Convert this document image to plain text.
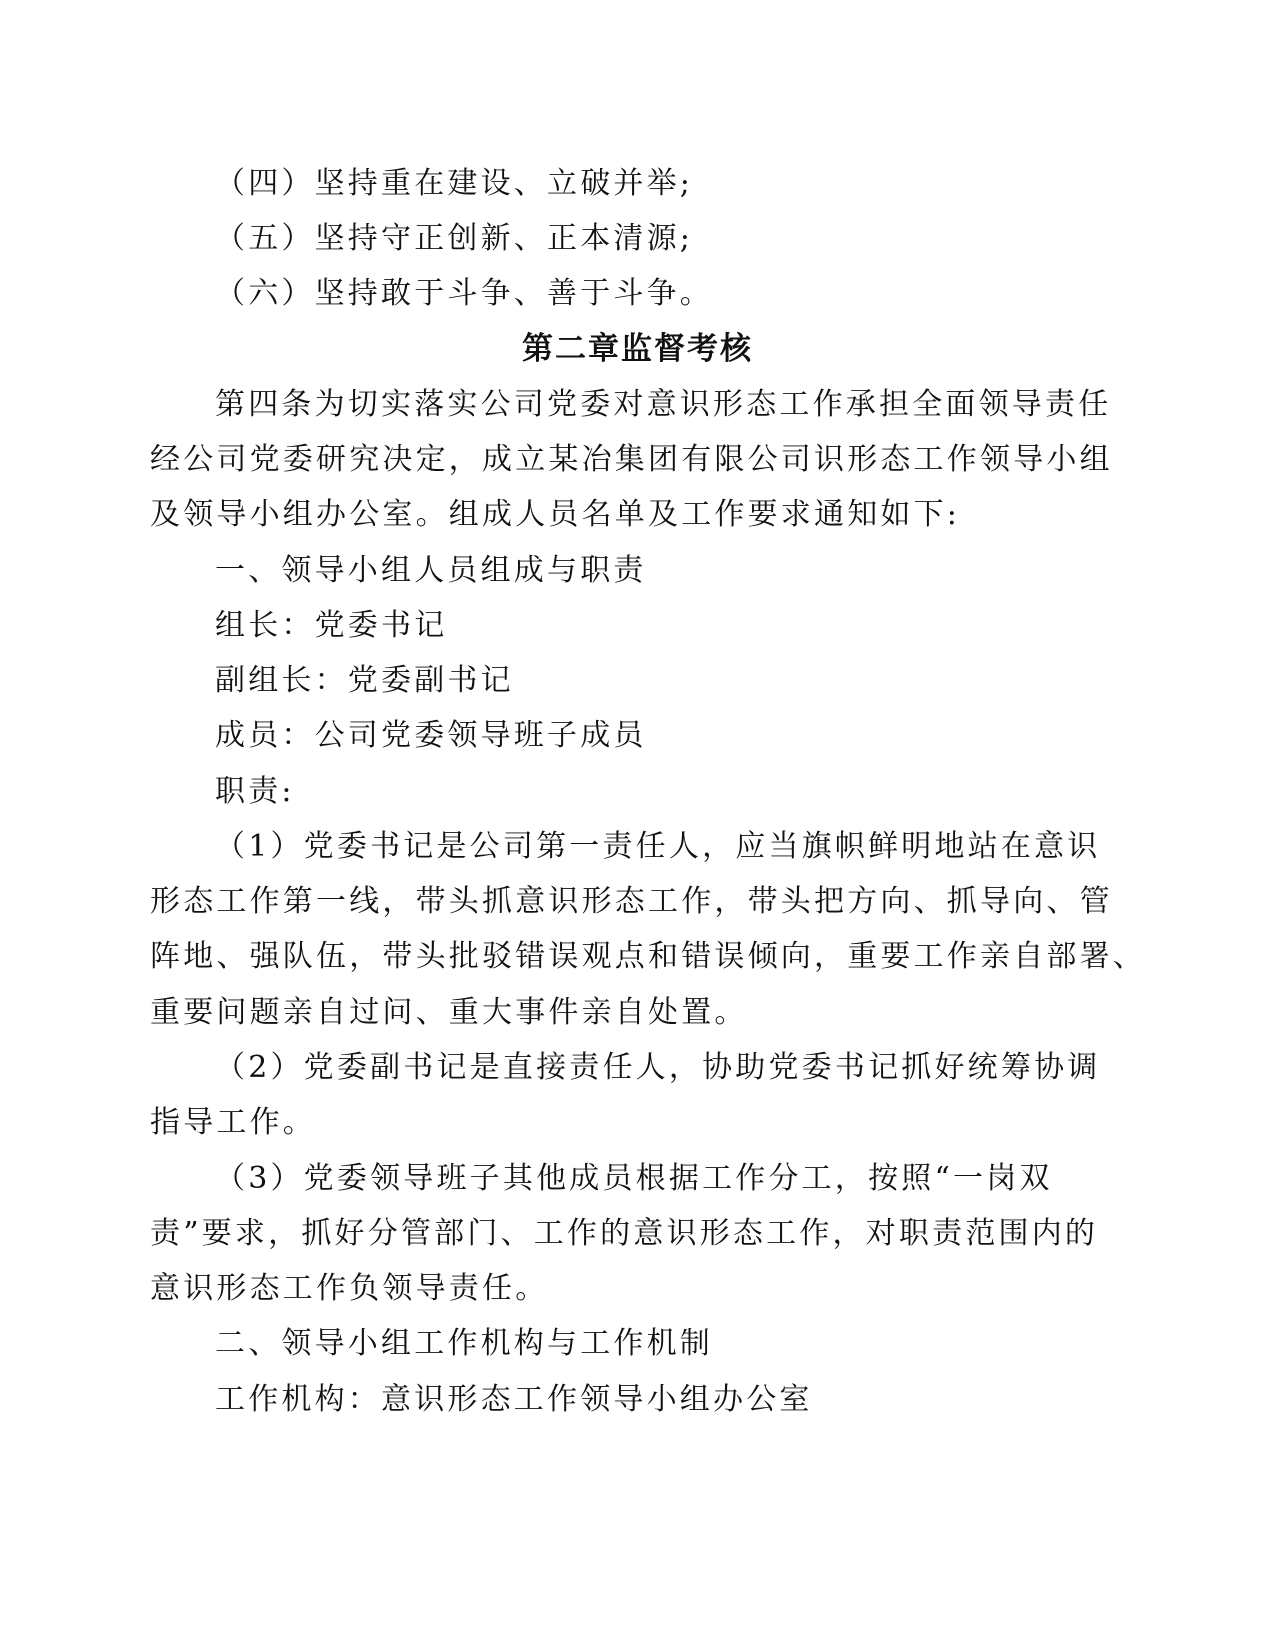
（四）坚持重在建设、立破并举;
（五）坚持守正创新、正本清源;
（六）坚持敢于斗争、善于斗争。
第二章监督考核
第四条为切实落实公司党委对意识形态工作承担全面领导责任
经公司党委研究决定，成立某冶集团有限公司识形态工作领导小组
及领导小组办公室。组成人员名单及工作要求通知如下:
一、领导小组人员组成与职责
组长：党委书记
副组长：党委副书记
成员：公司党委领导班子成员
职责:
（1）党委书记是公司第一责任人，应当旗帜鲜明地站在意识
形态工作第一线，带头抓意识形态工作，带头把方向、抓导向、管
阵地、强队伍，带头批驳错误观点和错误倾向，重要工作亲自部署、
重要问题亲自过问、重大事件亲自处置。
（2）党委副书记是直接责任人，协助党委书记抓好统筹协调
指导工作。
（3）党委领导班子其他成员根据工作分工，按照“一岗双
责”要求，抓好分管部门、工作的意识形态工作，对职责范围内的
意识形态工作负领导责任。
二、领导小组工作机构与工作机制
工作机构：意识形态工作领导小组办公室
